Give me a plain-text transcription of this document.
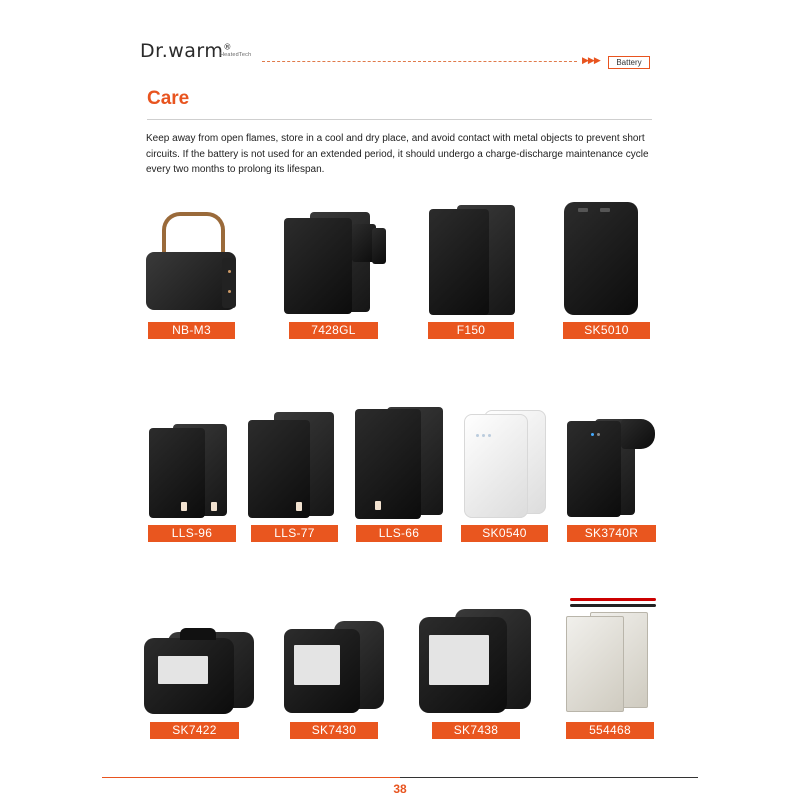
Dr.warm®
HeatedTech	▶▶▶	Battery
Care
Keep away from open flames, store in a cool and dry place, and avoid contact with metal objects to prevent short circuits. If the battery is not used for an extended period, it should undergo a charge-discharge maintenance cycle every two months to prolong its lifespan.
NB-M3	7428GL	F150	SK5010
LLS-96	LLS-77	LLS-66	SK0540	SK3740R
SK7422	SK7430	SK7438	554468
38
